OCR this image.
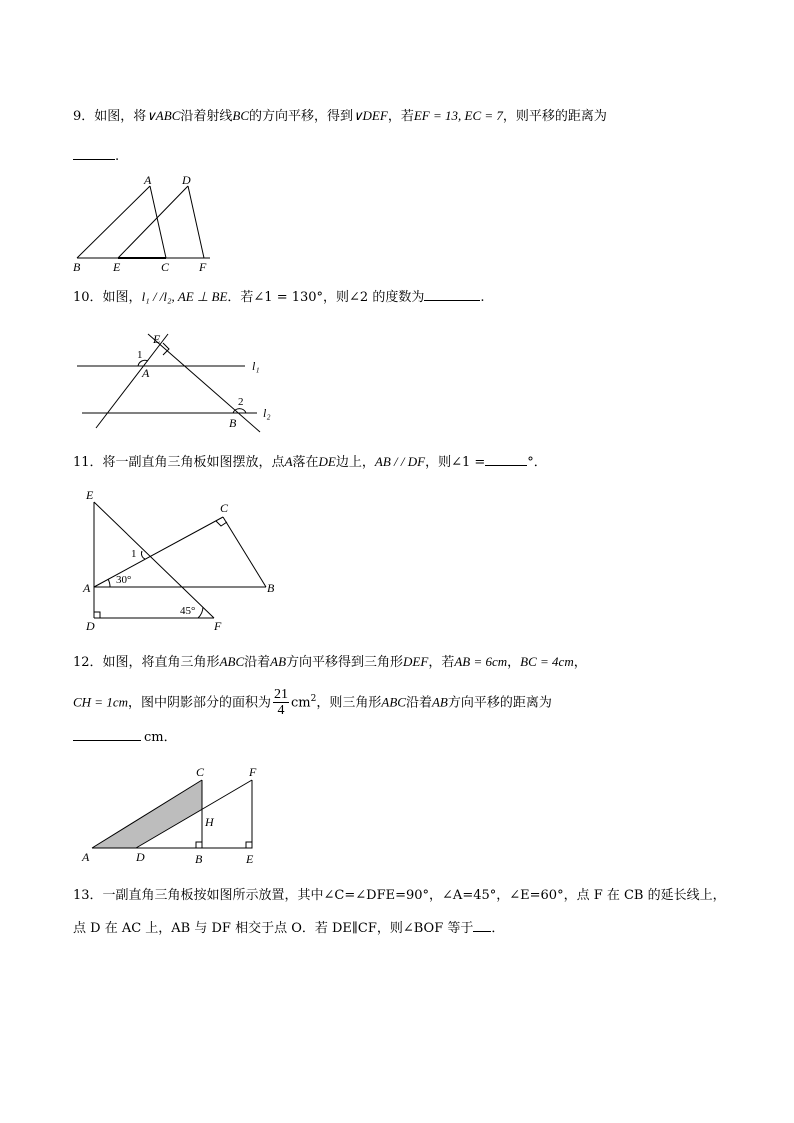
9．如图，将∨ABC沿着射线BC的方向平移，得到∨DEF，若EF = 13, EC = 7，则平移的距离为
.
A	D
B	E	C F
10．如图，l₁ / /l₂, AE ⊥ BE．若∠1 = 130°，则∠2 的度数为	.
E
1
A	l₁
2
l₂
B
11．将一副直角三角板如图摆放，点A落在DE边上，AB / / DF，则∠1 =	°．
E
C
1
30°
A	B
45°
D	F
12．如图，将直角三角形ABC沿着AB方向平移得到三角形DEF，若AB = 6cm，BC = 4cm，
CH = 1cm，图中阴影部分的面积为 $\frac{21}{4} cm^2$，则三角形ABC沿着AB方向平移的距离为
cm．
C	F
H
A	D	B	E
13．一副直角三角板按如图所示放置，其中∠C=∠DFE=90°，∠A=45°，∠E=60°，点 F 在 CB 的延长线上，
点 D 在 AC 上，AB 与 DF 相交于点 O．若 DE∥CF，则∠BOF 等于 ．
